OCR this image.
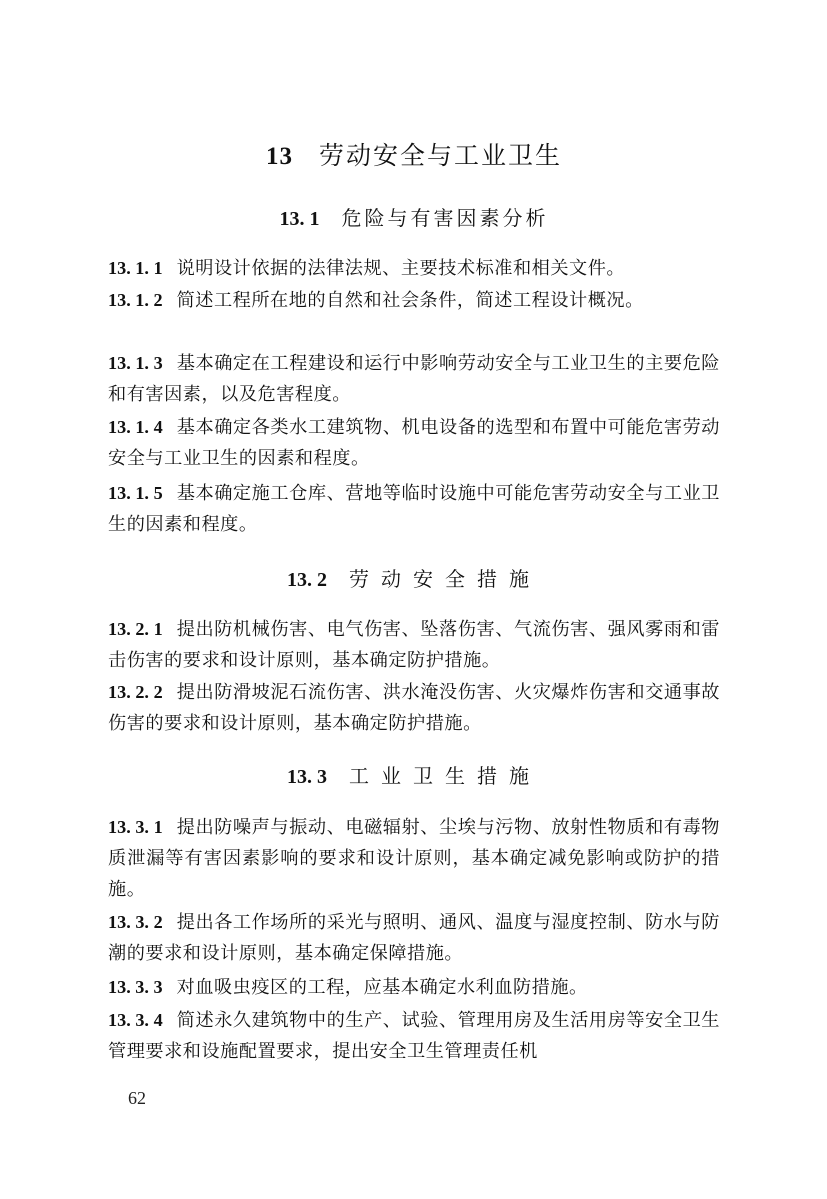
13 劳动安全与工业卫生
13. 1 危险与有害因素分析
13. 1. 1 说明设计依据的法律法规、主要技术标准和相关文件。
13. 1. 2 简述工程所在地的自然和社会条件，简述工程设计概况。
13. 1. 3 基本确定在工程建设和运行中影响劳动安全与工业卫生的主要危险和有害因素，以及危害程度。
13. 1. 4 基本确定各类水工建筑物、机电设备的选型和布置中可能危害劳动安全与工业卫生的因素和程度。
13. 1. 5 基本确定施工仓库、营地等临时设施中可能危害劳动安全与工业卫生的因素和程度。
13. 2 劳动安全措施
13. 2. 1 提出防机械伤害、电气伤害、坠落伤害、气流伤害、强风雾雨和雷击伤害的要求和设计原则，基本确定防护措施。
13. 2. 2 提出防滑坡泥石流伤害、洪水淹没伤害、火灾爆炸伤害和交通事故伤害的要求和设计原则，基本确定防护措施。
13. 3 工业卫生措施
13. 3. 1 提出防噪声与振动、电磁辐射、尘埃与污物、放射性物质和有毒物质泄漏等有害因素影响的要求和设计原则，基本确定减免影响或防护的措施。
13. 3. 2 提出各工作场所的采光与照明、通风、温度与湿度控制、防水与防潮的要求和设计原则，基本确定保障措施。
13. 3. 3 对血吸虫疫区的工程，应基本确定水利血防措施。
13. 3. 4 简述永久建筑物中的生产、试验、管理用房及生活用房等安全卫生管理要求和设施配置要求，提出安全卫生管理责任机
62
